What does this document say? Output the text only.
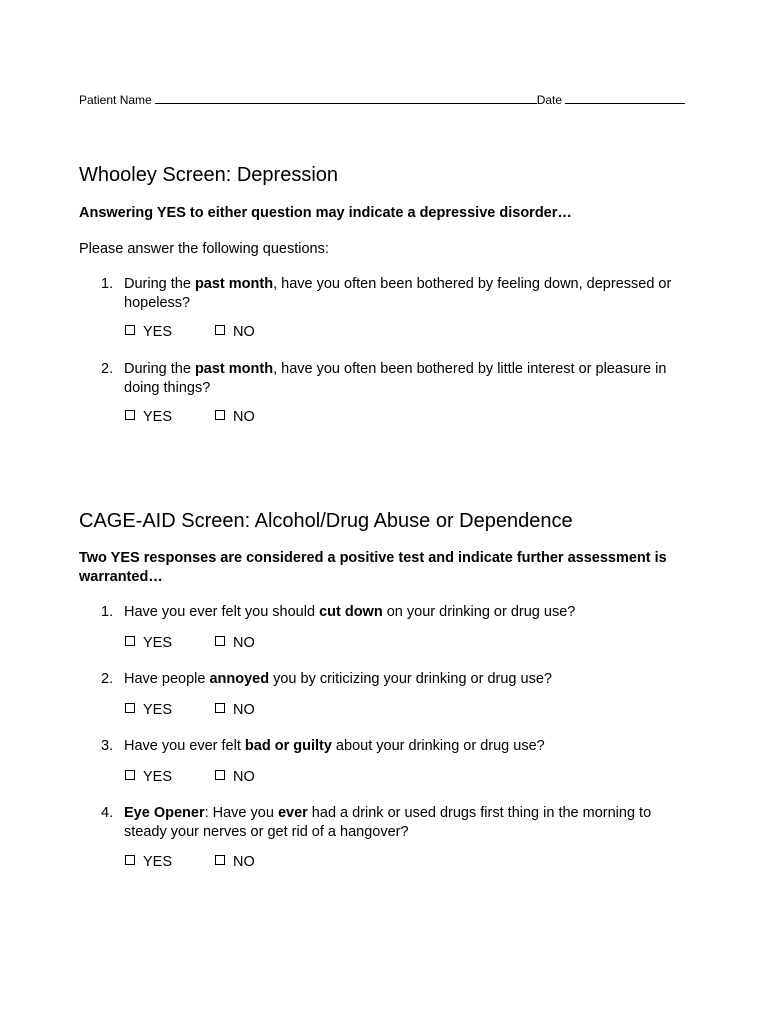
Patient Name	Date
Whooley Screen: Depression
Answering YES to either question may indicate a depressive disorder…
Please answer the following questions:
1. During the past month, have you often been bothered by feeling down, depressed or hopeless?
YES	NO
2. During the past month, have you often been bothered by little interest or pleasure in doing things?
YES	NO
CAGE-AID Screen: Alcohol/Drug Abuse or Dependence
Two YES responses are considered a positive test and indicate further assessment is warranted…
1. Have you ever felt you should cut down on your drinking or drug use?
YES	NO
2. Have people annoyed you by criticizing your drinking or drug use?
YES	NO
3. Have you ever felt bad or guilty about your drinking or drug use?
YES	NO
4. Eye Opener: Have you ever had a drink or used drugs first thing in the morning to steady your nerves or get rid of a hangover?
YES	NO
